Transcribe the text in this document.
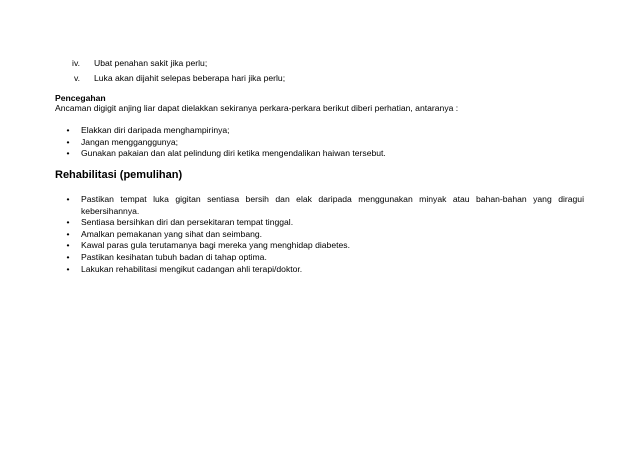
iv. Ubat penahan sakit jika perlu;
v. Luka akan dijahit selepas beberapa hari jika perlu;
Pencegahan
Ancaman digigit anjing liar dapat dielakkan sekiranya perkara-perkara berikut diberi perhatian, antaranya :
• Elakkan diri daripada menghampirinya;
• Jangan mengganggunya;
• Gunakan pakaian dan alat pelindung diri ketika mengendalikan haiwan tersebut.
Rehabilitasi (pemulihan)
• Pastikan tempat luka gigitan sentiasa bersih dan elak daripada menggunakan minyak atau bahan-bahan yang diragui kebersihannya.
• Sentiasa bersihkan diri dan persekitaran tempat tinggal.
• Amalkan pemakanan yang sihat dan seimbang.
• Kawal paras gula terutamanya bagi mereka yang menghidap diabetes.
• Pastikan kesihatan tubuh badan di tahap optima.
• Lakukan rehabilitasi mengikut cadangan ahli terapi/doktor.
